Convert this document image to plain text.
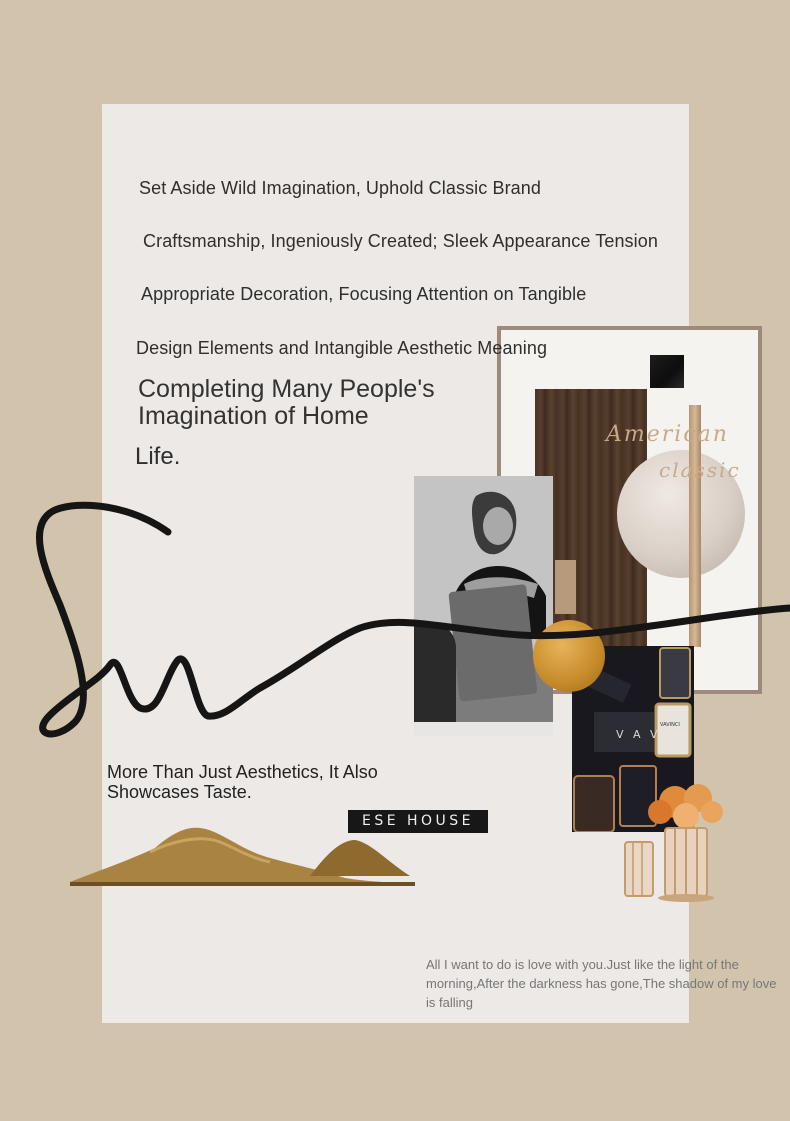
Set Aside Wild Imagination, Uphold Classic Brand
Craftsmanship, Ingeniously Created; Sleek Appearance Tension
Appropriate Decoration, Focusing Attention on Tangible
Design Elements and Intangible Aesthetic Meaning
Completing Many People's
Imagination of Home
Life.
American
classic
V A V
VAVINCI
More Than Just Aesthetics, It Also
Showcases Taste.
ESE HOUSE
All I want to do is love with you.Just like the light of the morning,After the darkness has gone,The shadow of my love is falling
